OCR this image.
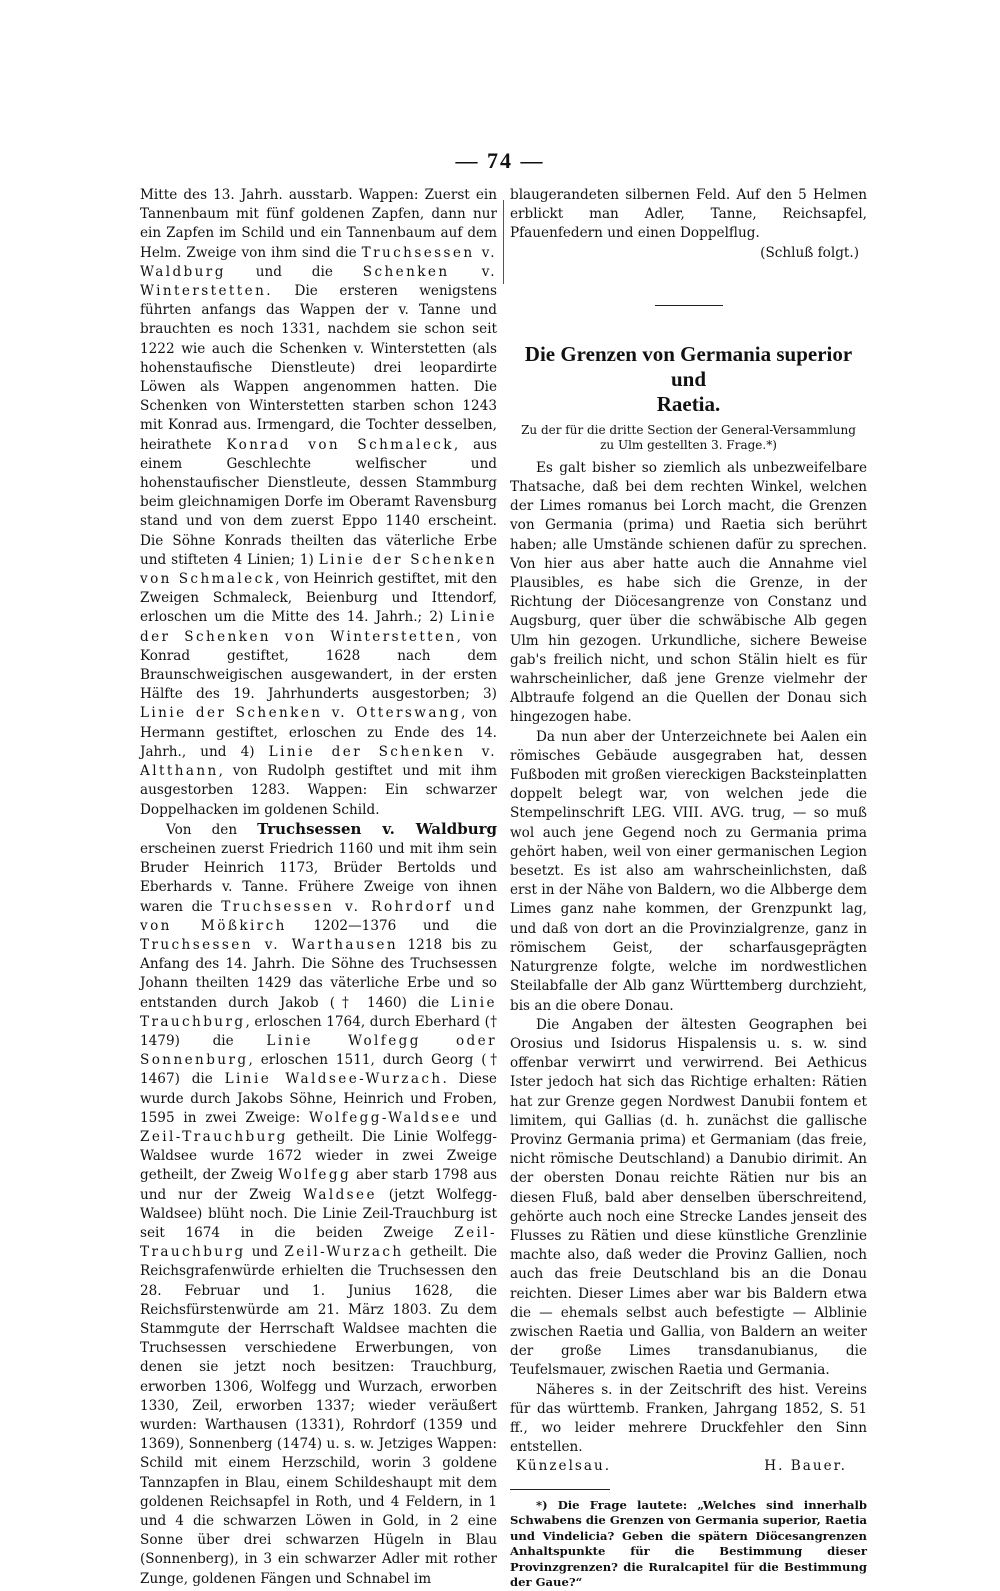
— 74 —

Mitte des 13. Jahrh. ausstarb. Wappen: Zuerst ein Tannenbaum mit fünf goldenen Zapfen, dann nur ein Zapfen im Schild und ein Tannenbaum auf dem Helm. Zweige von ihm sind die Truchsessen v. Waldburg und die Schenken v. Winterstetten. Die ersteren wenigstens führten anfangs das Wappen der v. Tanne und brauchten es noch 1331, nachdem sie schon seit 1222 wie auch die Schenken v. Winterstetten (als hohenstaufische Dienstleute) drei leopardirte Löwen als Wappen angenommen hatten. Die Schenken von Winterstetten starben schon 1243 mit Konrad aus. Irmengard, die Tochter desselben, heirathete Konrad von Schmaleck, aus einem Geschlechte welfischer und hohenstaufischer Dienstleute, dessen Stammburg beim gleichnamigen Dorfe im Oberamt Ravensburg stand und von dem zuerst Eppo 1140 erscheint. Die Söhne Konrads theilten das väterliche Erbe und stifteten 4 Linien; 1) Linie der Schenken von Schmaleck, von Heinrich gestiftet, mit den Zweigen Schmaleck, Beienburg und Ittendorf, erloschen um die Mitte des 14. Jahrh.; 2) Linie der Schenken von Winterstetten, von Konrad gestiftet, 1628 nach dem Braunschweigischen ausgewandert, in der ersten Hälfte des 19. Jahrhunderts ausgestorben; 3) Linie der Schenken v. Otterswang, von Hermann gestiftet, erloschen zu Ende des 14. Jahrh., und 4) Linie der Schenken v. Altthann, von Rudolph gestiftet und mit ihm ausgestorben 1283. Wappen: Ein schwarzer Doppelhacken im goldenen Schild.

Von den Truchsessen v. Waldburg erscheinen zuerst Friedrich 1160 und mit ihm sein Bruder Heinrich 1173, Brüder Bertolds und Eberhards v. Tanne. Frühere Zweige von ihnen waren die Truchsessen v. Rohrdorf und von Mößkirch 1202—1376 und die Truchsessen v. Warthausen 1218 bis zu Anfang des 14. Jahrh. Die Söhne des Truchsessen Johann theilten 1429 das väterliche Erbe und so entstanden durch Jakob († 1460) die Linie Trauchburg, erloschen 1764, durch Eberhard († 1479) die Linie Wolfegg oder Sonnenburg, erloschen 1511, durch Georg († 1467) die Linie Waldsee-Wurzach. Diese wurde durch Jakobs Söhne, Heinrich und Froben, 1595 in zwei Zweige: Wolfegg-Waldsee und Zeil-Trauchburg getheilt. Die Linie Wolfegg-Waldsee wurde 1672 wieder in zwei Zweige getheilt, der Zweig Wolfegg aber starb 1798 aus und nur der Zweig Waldsee (jetzt Wolfegg-Waldsee) blüht noch. Die Linie Zeil-Trauchburg ist seit 1674 in die beiden Zweige Zeil-Trauchburg und Zeil-Wurzach getheilt. Die Reichsgrafenwürde erhielten die Truchsessen den 28. Februar und 1. Junius 1628, die Reichsfürstenwürde am 21. März 1803. Zu dem Stammgute der Herrschaft Waldsee machten die Truchsessen verschiedene Erwerbungen, von denen sie jetzt noch besitzen: Trauchburg, erworben 1306, Wolfegg und Wurzach, erworben 1330, Zeil, erworben 1337; wieder veräußert wurden: Warthausen (1331), Rohrdorf (1359 und 1369), Sonnenberg (1474) u. s. w. Jetziges Wappen: Schild mit einem Herzschild, worin 3 goldene Tannzapfen in Blau, einem Schildeshaupt mit dem goldenen Reichsapfel in Roth, und 4 Feldern, in 1 und 4 die schwarzen Löwen in Gold, in 2 eine Sonne über drei schwarzen Hügeln in Blau (Sonnenberg), in 3 ein schwarzer Adler mit rother Zunge, goldenen Fängen und Schnabel im

blaugerandeten silbernen Feld. Auf den 5 Helmen erblickt man Adler, Tanne, Reichsapfel, Pfauenfedern und einen Doppelflug.

(Schluß folgt.)
Die Grenzen von Germania superior und
Raetia.
Zu der für die dritte Section der General-Versammlung zu Ulm gestellten 3. Frage.*)

Es galt bisher so ziemlich als unbezweifelbare Thatsache, daß bei dem rechten Winkel, welchen der Limes romanus bei Lorch macht, die Grenzen von Germania (prima) und Raetia sich berührt haben; alle Umstände schienen dafür zu sprechen. Von hier aus aber hatte auch die Annahme viel Plausibles, es habe sich die Grenze, in der Richtung der Diöcesangrenze von Constanz und Augsburg, quer über die schwäbische Alb gegen Ulm hin gezogen. Urkundliche, sichere Beweise gab's freilich nicht, und schon Stälin hielt es für wahrscheinlicher, daß jene Grenze vielmehr der Albtraufe folgend an die Quellen der Donau sich hingezogen habe.

Da nun aber der Unterzeichnete bei Aalen ein römisches Gebäude ausgegraben hat, dessen Fußboden mit großen viereckigen Backsteinplatten doppelt belegt war, von welchen jede die Stempelinschrift LEG. VIII. AVG. trug, — so muß wol auch jene Gegend noch zu Germania prima gehört haben, weil von einer germanischen Legion besetzt. Es ist also am wahrscheinlichsten, daß erst in der Nähe von Baldern, wo die Albberge dem Limes ganz nahe kommen, der Grenzpunkt lag, und daß von dort an die Provinzialgrenze, ganz in römischem Geist, der scharfausgeprägten Naturgrenze folgte, welche im nordwestlichen Steilabfalle der Alb ganz Württemberg durchzieht, bis an die obere Donau.

Die Angaben der ältesten Geographen bei Orosius und Isidorus Hispalensis u. s. w. sind offenbar verwirrt und verwirrend. Bei Aethicus Ister jedoch hat sich das Richtige erhalten: Rätien hat zur Grenze gegen Nordwest Danubii fontem et limitem, qui Gallias (d. h. zunächst die gallische Provinz Germania prima) et Germaniam (das freie, nicht römische Deutschland) a Danubio dirimit. An der obersten Donau reichte Rätien nur bis an diesen Fluß, bald aber denselben überschreitend, gehörte auch noch eine Strecke Landes jenseit des Flusses zu Rätien und diese künstliche Grenzlinie machte also, daß weder die Provinz Gallien, noch auch das freie Deutschland bis an die Donau reichten. Dieser Limes aber war bis Baldern etwa die — ehemals selbst auch befestigte — Alblinie zwischen Raetia und Gallia, von Baldern an weiter der große Limes transdanubianus, die Teufelsmauer, zwischen Raetia und Germania.

Näheres s. in der Zeitschrift des hist. Vereins für das württemb. Franken, Jahrgang 1852, S. 51 ff., wo leider mehrere Druckfehler den Sinn entstellen.

Künzelsau.	H. Bauer.

*) Die Frage lautete: „Welches sind innerhalb Schwabens die Grenzen von Germania superior, Raetia und Vindelicia? Geben die spätern Diöcesangrenzen Anhaltspunkte für die Bestimmung dieser Provinzgrenzen? die Ruralcapitel für die Bestimmung der Gaue?“
